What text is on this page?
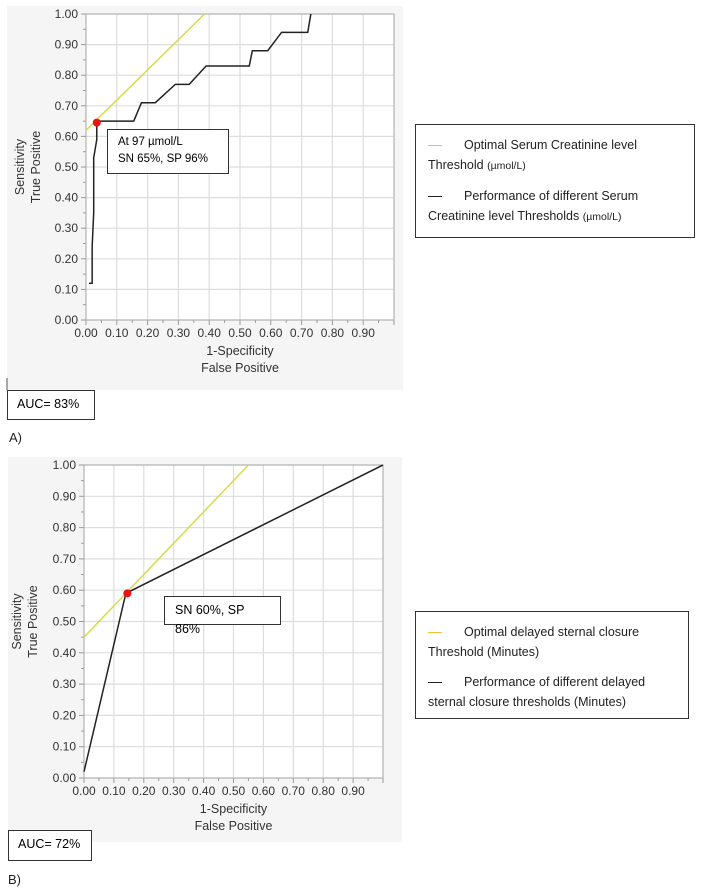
0.00
0.10
0.20
0.30
0.40
0.50
0.60
0.70
0.80
0.90
1.00
0.00 0.10 0.20 0.30 0.40 0.50 0.60 0.70 0.80 0.90
1-Specificity
False Positive
Sensitivity True Positive
0.00
0.10
0.20
0.30
0.40
0.50
0.60
0.70
0.80
0.90
1.00
0.00 0.10 0.20 0.30 0.40 0.50 0.60 0.70 0.80 0.90
1-Specificity
False Positive
Sensitivity True Positive
At 97 µmol/L
SN 65%, SP 96%
Optimal Serum Creatinine level Threshold (µmol/L)
Performance of different Serum Creatinine level Thresholds (µmol/L)
AUC= 83%
A)
SN 60%, SP 86%	Optimal delayed sternal closure Threshold (Minutes)
Performance of different delayed sternal closure thresholds (Minutes)
AUC= 72%
B)
